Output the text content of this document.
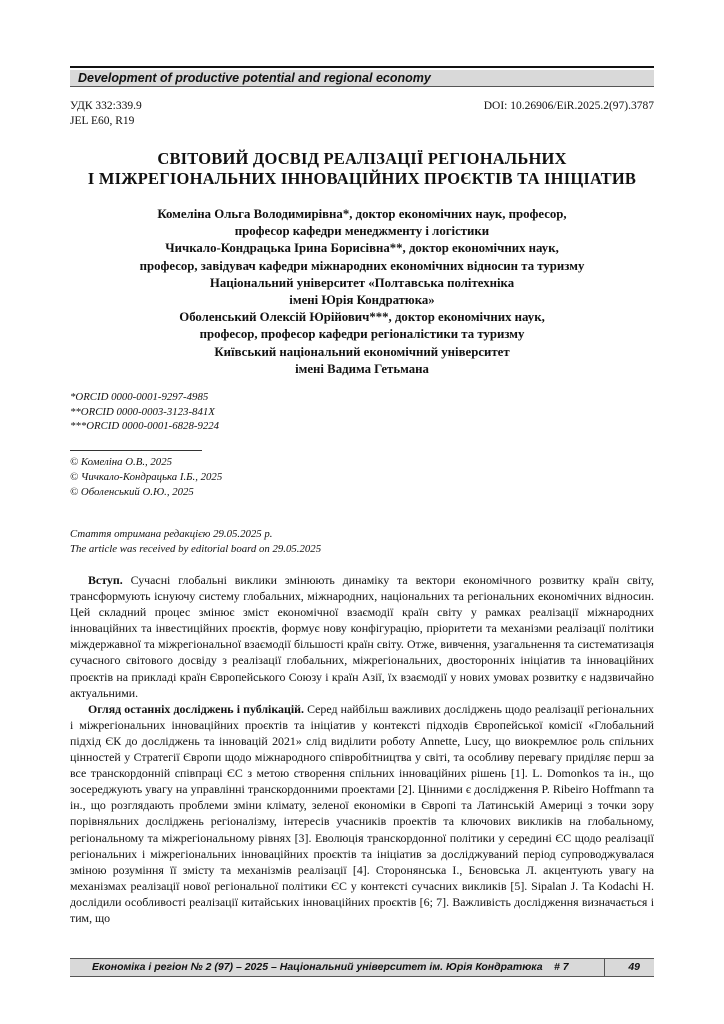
Development of productive potential and regional economy
УДК 332:339.9
JEL E60, R19
DOI: 10.26906/EiR.2025.2(97).3787
СВІТОВИЙ ДОСВІД РЕАЛІЗАЦІЇ РЕГІОНАЛЬНИХ
І МІЖРЕГІОНАЛЬНИХ ІННОВАЦІЙНИХ ПРОЄКТІВ ТА ІНІЦІАТИВ
Комеліна Ольга Володимирівна*, доктор економічних наук, професор,
професор кафедри менеджменту і логістики
Чичкало-Кондрацька Ірина Борисівна**, доктор економічних наук,
професор, завідувач кафедри міжнародних економічних відносин та туризму
Національний університет «Полтавська політехніка
імені Юрія Кондратюка»
Оболенський Олексій Юрійович***, доктор економічних наук,
професор, професор кафедри регіоналістики та туризму
Київський національний економічний університет
імені Вадима Гетьмана
*ORCID 0000-0001-9297-4985
**ORCID 0000-0003-3123-841X
***ORCID 0000-0001-6828-9224
© Комеліна О.В., 2025
© Чичкало-Кондрацька І.Б., 2025
© Оболенський О.Ю., 2025
Стаття отримана редакцією 29.05.2025 р.
The article was received by editorial board on 29.05.2025

Вступ. Сучасні глобальні виклики змінюють динаміку та вектори економічного розвитку країн світу, трансформують існуючу систему глобальних, міжнародних, національних та регіональних економічних відносин. Цей складний процес змінює зміст економічної взаємодії країн світу у рамках реалізації міжнародних інноваційних та інвестиційних проєктів, формує нову конфігурацію, пріоритети та механізми реалізації політики міждержавної та міжрегіональної взаємодії більшості країн світу. Отже, вивчення, узагальнення та систематизація сучасного світового досвіду з реалізації глобальних, міжрегіональних, двосторонніх ініціатив та інноваційних проєктів на прикладі країн Європейського Союзу і країн Азії, їх взаємодії у нових умовах розвитку є надзвичайно актуальними.

Огляд останніх досліджень і публікацій. Серед найбільш важливих досліджень щодо реалізації регіональних і міжрегіональних інноваційних проєктів та ініціатив у контексті підходів Європейської комісії «Глобальний підхід ЄК до досліджень та інновацій 2021» слід виділити роботу Annette, Lucy, що виокремлює роль спільних цінностей у Стратегії Європи щодо міжнародного співробітництва у світі, та особливу перевагу приділяє перш за все транскордонній співпраці ЄС з метою створення спільних інноваційних рішень [1]. L. Domonkos та ін., що зосереджують увагу на управлінні транскордонними проектами [2]. Цінними є дослідження P. Ribeiro Hoffmann та ін., що розглядають проблеми зміни клімату, зеленої економіки в Європі та Латинській Америці з точки зору порівняльних досліджень регіоналізму, інтересів учасників проектів та ключових викликів на глобальному, регіональному та міжрегіональному рівнях [3]. Еволюція транскордонної політики у середині ЄС щодо реалізації регіональних і міжрегіональних інноваційних проєктів та ініціатив за досліджуваний період супроводжувалася зміною розуміння її змісту та механізмів реалізації [4]. Сторонянська І., Бєновська Л. акцентують увагу на механізмах реалізації нової регіональної політики ЄС у контексті сучасних викликів [5]. Sipalan J. Та Kodachi H. дослідили особливості реалізації китайських інноваційних проєктів [6; 7]. Важливість дослідження визначається і тим, що

Економіка і регіон № 2 (97) – 2025 – Національний університет ім. Юрія Кондратюка # 7	49
